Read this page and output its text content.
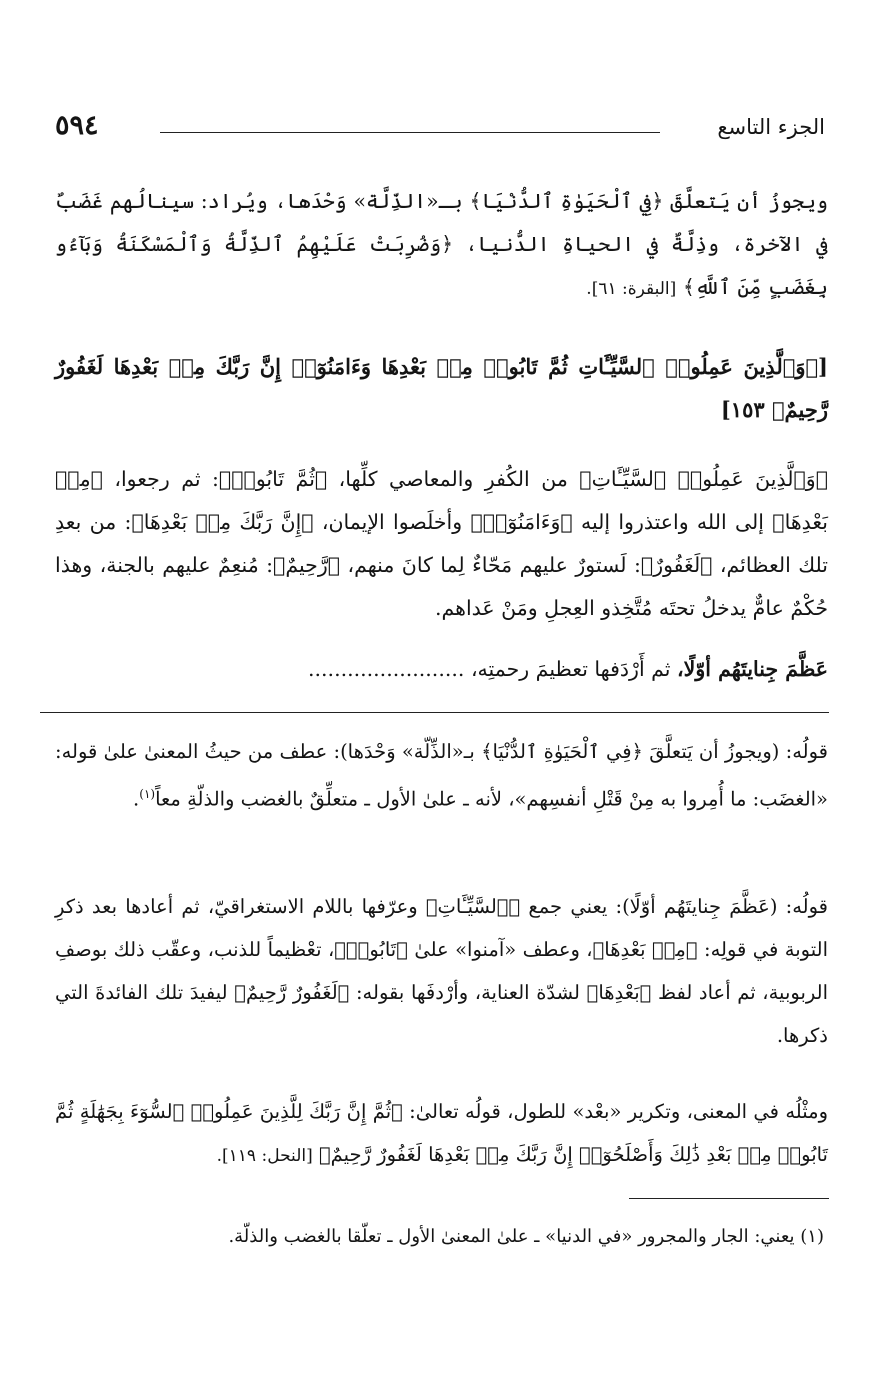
٥٩٤	الجزء التاسع

ويجوزُ أن يَتعلَّقَ ﴿فِي ٱلْحَيَوٰةِ ٱلدُّنْيَا﴾ بـ«الذِّلَّة» وَحْدَها، ويُراد: سينالُهم غَضَبٌ في الآخرة، وذِلَّةٌ في الحياةِ الدُّنيا، ﴿وَضُرِبَتْ عَلَيْهِمُ ٱلذِّلَّةُ وَٱلْمَسْكَنَةُ وَبَآءُو بِغَضَبٍ مِّنَ ٱللَّهِ﴾ [البقرة: ٦١].

[﴿وَٱلَّذِينَ عَمِلُوا۟ ٱلسَّيِّـَٔاتِ ثُمَّ تَابُوا۟ مِنۢ بَعْدِهَا وَءَامَنُوٓا۟ إِنَّ رَبَّكَ مِنۢ بَعْدِهَا لَغَفُورٌ رَّحِيمٌ﴾ ١٥٣]

﴿وَٱلَّذِينَ عَمِلُوا۟ ٱلسَّيِّـَٔاتِ﴾ من الكُفرِ والمعاصي كلِّها، ﴿ثُمَّ تَابُوا۟﴾: ثم رجعوا، ﴿مِنۢ بَعْدِهَا﴾ إلى الله واعتذروا إليه ﴿وَءَامَنُوٓا۟﴾ وأخلَصوا الإيمان، ﴿إِنَّ رَبَّكَ مِنۢ بَعْدِهَا﴾: من بعدِ تلك العظائم، ﴿لَغَفُورٌ﴾: لَستورٌ عليهم مَحّاءٌ لِما كانَ منهم، ﴿رَّحِيمٌ﴾: مُنعِمٌ عليهم بالجنة، وهذا حُكْمٌ عامٌّ يدخلُ تحتَه مُتَّخِذو العِجلِ ومَنْ عَداهم.

عَظَّمَ جِنايتَهُم أوّلًا، ثم أَرْدَفها تعظيمَ رحمتِه، ........................

قولُه: (ويجوزُ أن يَتعلَّقَ ﴿فِي ٱلْحَيَوٰةِ ٱلدُّنْيَا﴾ بـ«الذِّلّة» وَحْدَها): عطف من حيثُ المعنىٰ علىٰ قوله: «الغضَب: ما أُمِروا به مِنْ قَتْلِ أنفسِهم»، لأنه ـ علىٰ الأول ـ متعلِّقٌ بالغضب والذلّةِ معاً$^{(١)}$.

قولُه: (عَظَّمَ جِنايتَهُم أوّلًا): يعني جمع ﴿ٱلسَّيِّـَٔاتِ﴾ وعرّفها باللام الاستغراقيّ، ثم أعادها بعد ذكرِ التوبة في قولِه: ﴿مِنۢ بَعْدِهَا﴾، وعطف «آمنوا» علىٰ ﴿تَابُوا۟﴾، تعْظيماً للذنب، وعقّب ذلك بوصفِ الربوبية، ثم أعاد لفظ ﴿بَعْدِهَا﴾ لشدّة العناية، وأرْدفَها بقوله: ﴿لَغَفُورٌ رَّحِيمٌ﴾ ليفيدَ تلك الفائدةَ التي ذكرها.

ومثْلُه في المعنى، وتكرير «بعْد» للطول، قولُه تعالىٰ: ﴿ثُمَّ إِنَّ رَبَّكَ لِلَّذِينَ عَمِلُوا۟ ٱلسُّوٓءَ بِجَهَٰلَةٍ ثُمَّ تَابُوا۟ مِنۢ بَعْدِ ذَٰلِكَ وَأَصْلَحُوٓا۟ إِنَّ رَبَّكَ مِنۢ بَعْدِهَا لَغَفُورٌ رَّحِيمٌ﴾ [النحل: ١١٩].

(١) يعني: الجار والمجرور «في الدنيا» ـ علىٰ المعنىٰ الأول ـ تعلّقا بالغضب والذلّة.
